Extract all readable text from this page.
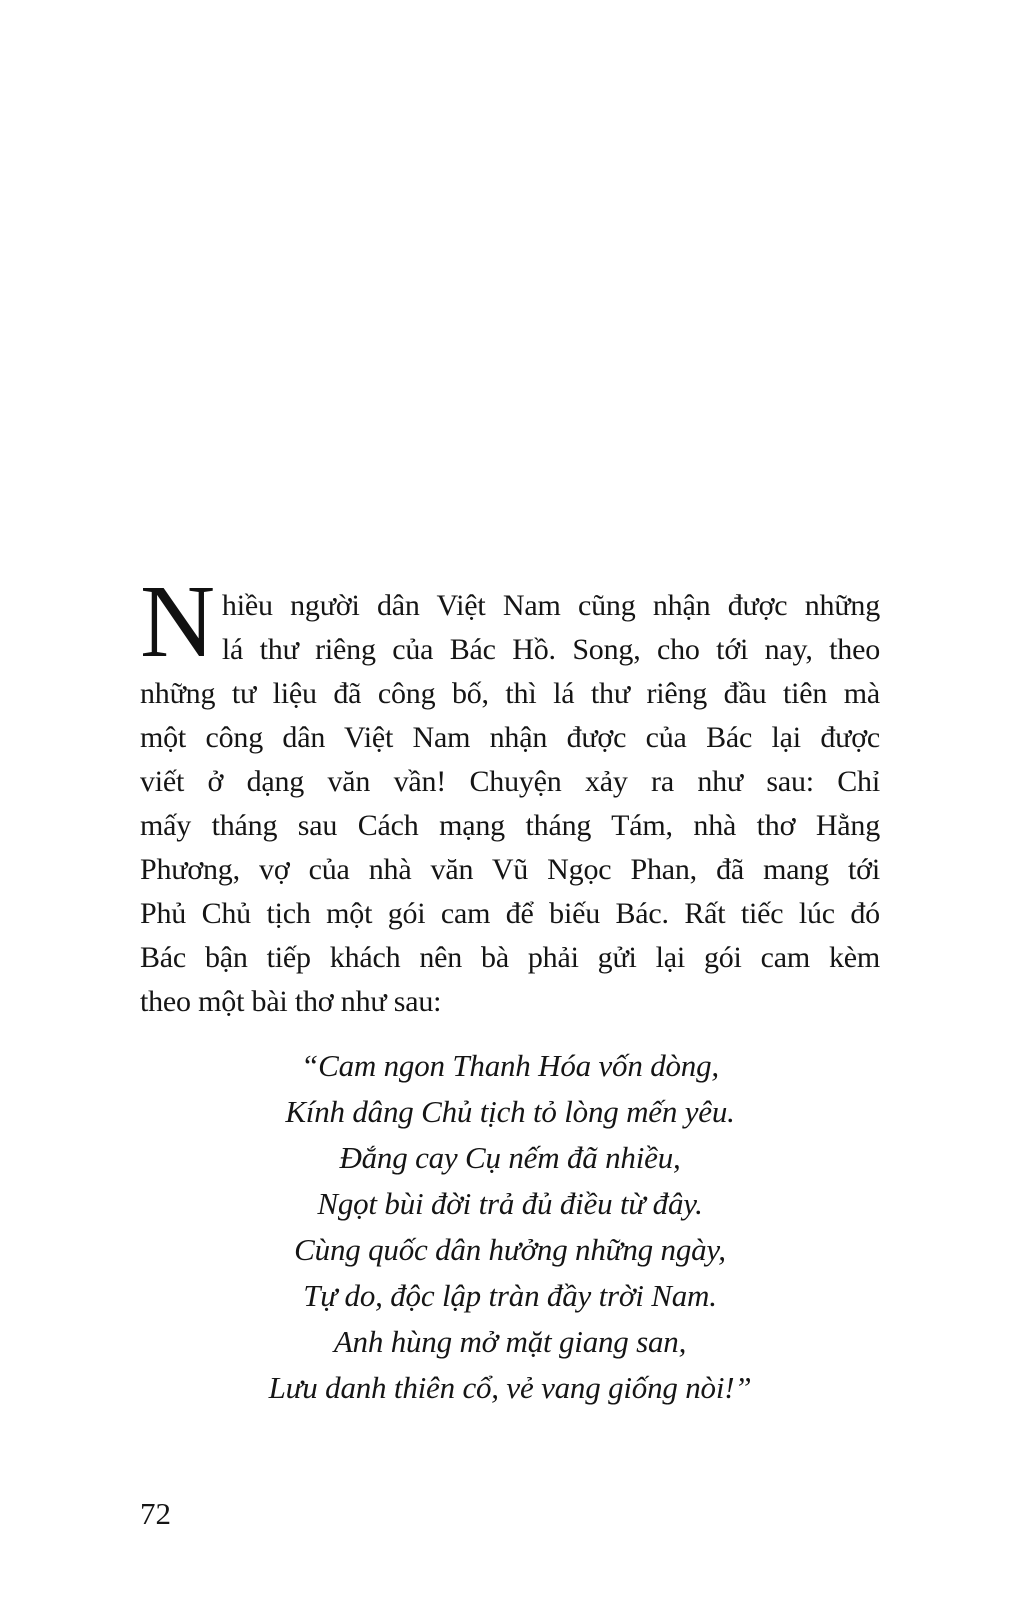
N hiều người dân Việt Nam cũng nhận được những
lá thư riêng của Bác Hồ. Song, cho tới nay, theo
những tư liệu đã công bố, thì lá thư riêng đầu tiên mà
một công dân Việt Nam nhận được của Bác lại được
viết ở dạng văn vần! Chuyện xảy ra như sau: Chỉ
mấy tháng sau Cách mạng tháng Tám, nhà thơ Hằng
Phương, vợ của nhà văn Vũ Ngọc Phan, đã mang tới
Phủ Chủ tịch một gói cam để biếu Bác. Rất tiếc lúc đó
Bác bận tiếp khách nên bà phải gửi lại gói cam kèm
theo một bài thơ như sau:
“Cam ngon Thanh Hóa vốn dòng,
Kính dâng Chủ tịch tỏ lòng mến yêu.
Đắng cay Cụ nếm đã nhiều,
Ngọt bùi đời trả đủ điều từ đây.
Cùng quốc dân hưởng những ngày,
Tự do, độc lập tràn đầy trời Nam.
Anh hùng mở mặt giang san,
Lưu danh thiên cổ, vẻ vang giống nòi!”
72
